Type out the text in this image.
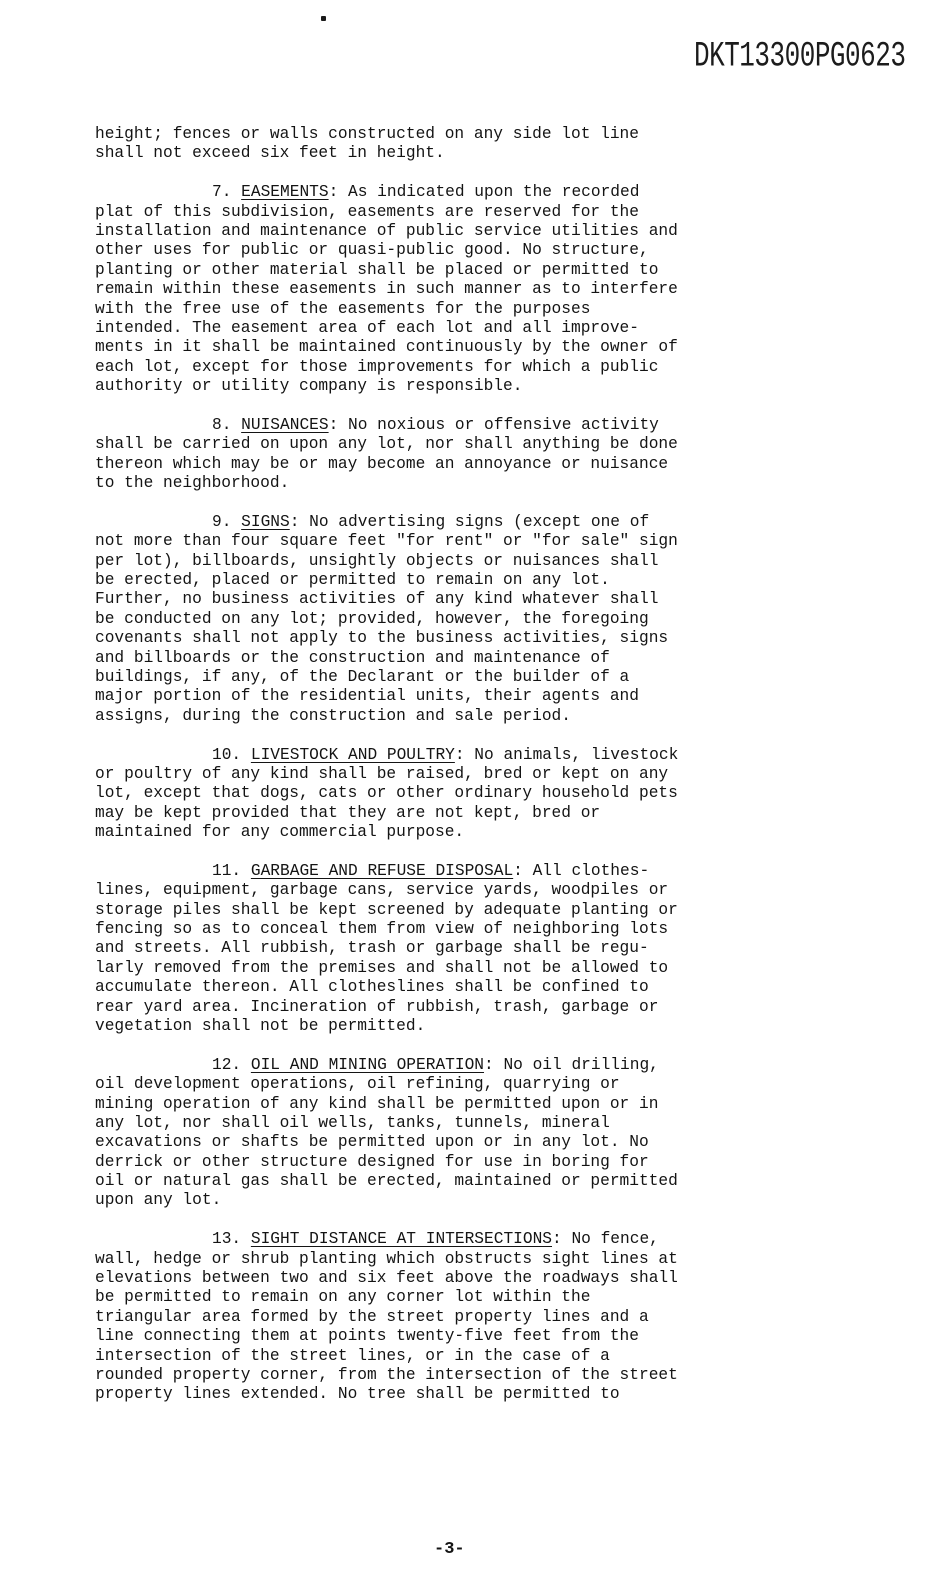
DKT13300PG0623
height; fences or walls constructed on any side lot line
shall not exceed six feet in height.
7. EASEMENTS: As indicated upon the recorded
plat of this subdivision, easements are reserved for the
installation and maintenance of public service utilities and
other uses for public or quasi-public good. No structure,
planting or other material shall be placed or permitted to
remain within these easements in such manner as to interfere
with the free use of the easements for the purposes
intended. The easement area of each lot and all improve-
ments in it shall be maintained continuously by the owner of
each lot, except for those improvements for which a public
authority or utility company is responsible.
8. NUISANCES: No noxious or offensive activity
shall be carried on upon any lot, nor shall anything be done
thereon which may be or may become an annoyance or nuisance
to the neighborhood.
9. SIGNS: No advertising signs (except one of
not more than four square feet "for rent" or "for sale" sign
per lot), billboards, unsightly objects or nuisances shall
be erected, placed or permitted to remain on any lot.
Further, no business activities of any kind whatever shall
be conducted on any lot; provided, however, the foregoing
covenants shall not apply to the business activities, signs
and billboards or the construction and maintenance of
buildings, if any, of the Declarant or the builder of a
major portion of the residential units, their agents and
assigns, during the construction and sale period.
10. LIVESTOCK AND POULTRY: No animals, livestock
or poultry of any kind shall be raised, bred or kept on any
lot, except that dogs, cats or other ordinary household pets
may be kept provided that they are not kept, bred or
maintained for any commercial purpose.
11. GARBAGE AND REFUSE DISPOSAL: All clothes-
lines, equipment, garbage cans, service yards, woodpiles or
storage piles shall be kept screened by adequate planting or
fencing so as to conceal them from view of neighboring lots
and streets. All rubbish, trash or garbage shall be regu-
larly removed from the premises and shall not be allowed to
accumulate thereon. All clotheslines shall be confined to
rear yard area. Incineration of rubbish, trash, garbage or
vegetation shall not be permitted.
12. OIL AND MINING OPERATION: No oil drilling,
oil development operations, oil refining, quarrying or
mining operation of any kind shall be permitted upon or in
any lot, nor shall oil wells, tanks, tunnels, mineral
excavations or shafts be permitted upon or in any lot. No
derrick or other structure designed for use in boring for
oil or natural gas shall be erected, maintained or permitted
upon any lot.
13. SIGHT DISTANCE AT INTERSECTIONS: No fence,
wall, hedge or shrub planting which obstructs sight lines at
elevations between two and six feet above the roadways shall
be permitted to remain on any corner lot within the
triangular area formed by the street property lines and a
line connecting them at points twenty-five feet from the
intersection of the street lines, or in the case of a
rounded property corner, from the intersection of the street
property lines extended. No tree shall be permitted to
-3-
